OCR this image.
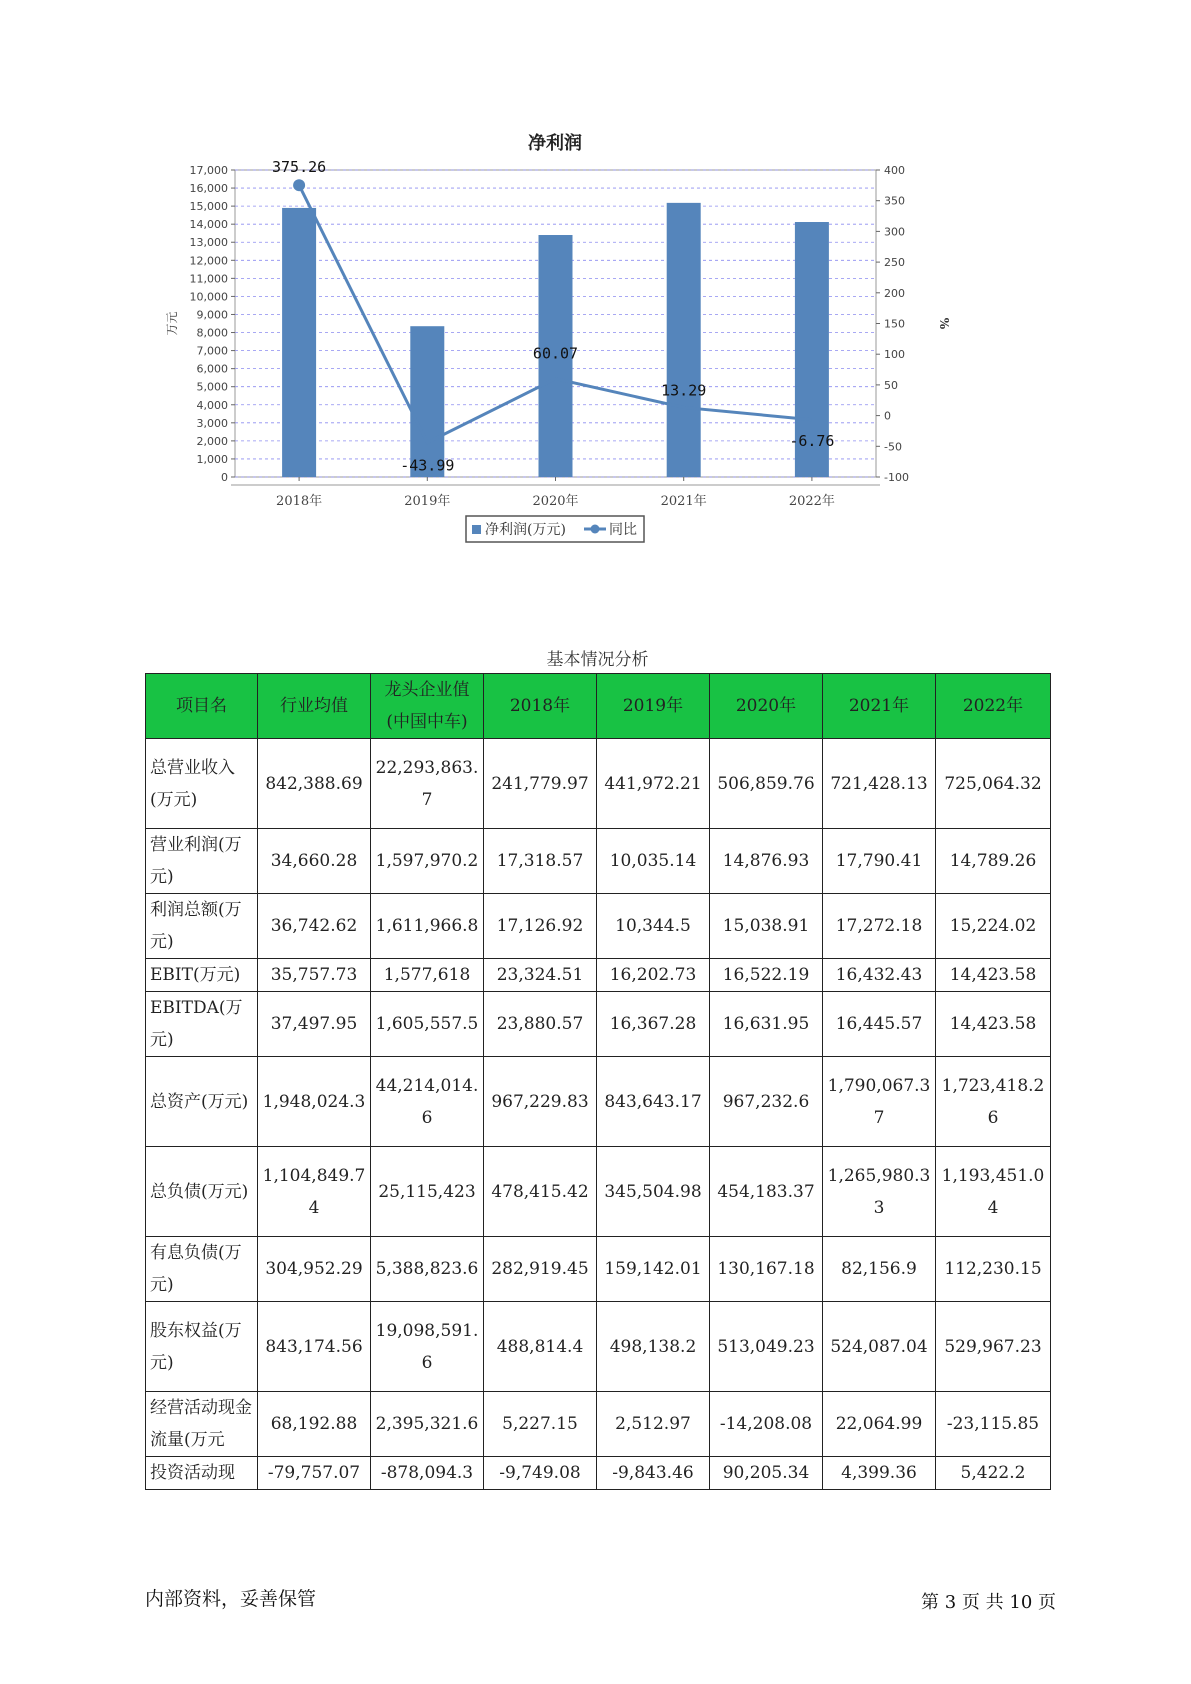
净利润
0
1,000
2,000
3,000
4,000
5,000
6,000
7,000
8,000
9,000
10,000
11,000
12,000
13,000
14,000
15,000
16,000
17,000
-100
-50
0
50
100
150
200
250
300
350
400
万元	%
2018年	2019年	2020年	2021年	2022年
375.26
-43.99
60.07
13.29
-6.76
净利润(万元)	同比
基本情况分析
项目名	行业均值	龙头企业值(中国中车)	2018年	2019年	2020年	2021年	2022年
总营业收入(万元)	842,388.69	22,293,863.7	241,779.97	441,972.21	506,859.76	721,428.13	725,064.32
营业利润(万元)	34,660.28	1,597,970.2	17,318.57	10,035.14	14,876.93	17,790.41	14,789.26
利润总额(万元)	36,742.62	1,611,966.8	17,126.92	10,344.5	15,038.91	17,272.18	15,224.02
EBIT(万元)	35,757.73	1,577,618	23,324.51	16,202.73	16,522.19	16,432.43	14,423.58
EBITDA(万元)	37,497.95	1,605,557.5	23,880.57	16,367.28	16,631.95	16,445.57	14,423.58
总资产(万元)	1,948,024.3	44,214,014.6	967,229.83	843,643.17	967,232.6	1,790,067.37	1,723,418.26
总负债(万元)	1,104,849.74	25,115,423	478,415.42	345,504.98	454,183.37	1,265,980.33	1,193,451.04
有息负债(万元)	304,952.29	5,388,823.6	282,919.45	159,142.01	130,167.18	82,156.9	112,230.15
股东权益(万元)	843,174.56	19,098,591.6	488,814.4	498,138.2	513,049.23	524,087.04	529,967.23
经营活动现金流量(万元	68,192.88	2,395,321.6	5,227.15	2,512.97	-14,208.08	22,064.99	-23,115.85
投资活动现	-79,757.07	-878,094.3	-9,749.08	-9,843.46	90,205.34	4,399.36	5,422.2
内部资料，妥善保管	第 3 页 共 10 页
